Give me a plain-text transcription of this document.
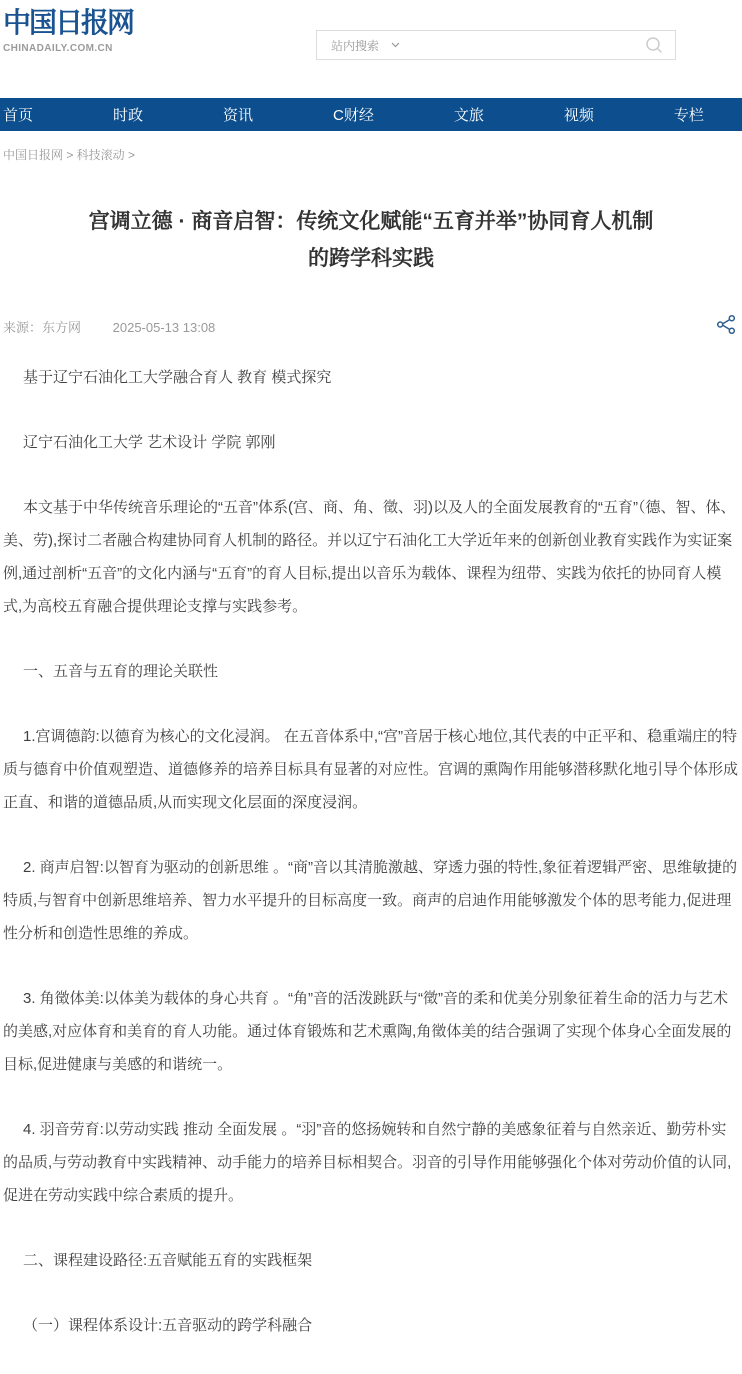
中国日报网
CHINADAILY.COM.CN	站内搜索
首页	时政	资讯	C财经	文旅	视频	专栏
中国日报网 > 科技滚动 >
宫调立德 · 商音启智：传统文化赋能“五育并举”协同育人机制
的跨学科实践
来源：东方网 2025-05-13 13:08

基于辽宁石油化工大学融合育人 教育 模式探究

辽宁石油化工大学 艺术设计 学院 郭刚

本文基于中华传统音乐理论的“五音”体系(宫、商、角、徵、羽)以及人的全面发展教育的“五育”（德、智、体、美、劳),探讨二者融合构建协同育人机制的路径。并以辽宁石油化工大学近年来的创新创业教育实践作为实证案例,通过剖析“五音”的文化内涵与“五育”的育人目标,提出以音乐为载体、课程为纽带、实践为依托的协同育人模式,为高校五育融合提供理论支撑与实践参考。

一、五音与五育的理论关联性

1.宫调德韵:以德育为核心的文化浸润。 在五音体系中,“宫”音居于核心地位,其代表的中正平和、稳重端庄的特质与德育中价值观塑造、道德修养的培养目标具有显著的对应性。宫调的熏陶作用能够潜移默化地引导个体形成正直、和谐的道德品质,从而实现文化层面的深度浸润。

2. 商声启智:以智育为驱动的创新思维 。“商”音以其清脆激越、穿透力强的特性,象征着逻辑严密、思维敏捷的特质,与智育中创新思维培养、智力水平提升的目标高度一致。商声的启迪作用能够激发个体的思考能力,促进理性分析和创造性思维的养成。

3. 角徵体美:以体美为载体的身心共育 。“角”音的活泼跳跃与“徵”音的柔和优美分别象征着生命的活力与艺术的美感,对应体育和美育的育人功能。通过体育锻炼和艺术熏陶,角徵体美的结合强调了实现个体身心全面发展的目标,促进健康与美感的和谐统一。

4. 羽音劳育:以劳动实践 推动 全面发展 。“羽”音的悠扬婉转和自然宁静的美感象征着与自然亲近、勤劳朴实的品质,与劳动教育中实践精神、动手能力的培养目标相契合。羽音的引导作用能够强化个体对劳动价值的认同,促进在劳动实践中综合素质的提升。

二、课程建设路径:五音赋能五育的实践框架

（一）课程体系设计:五音驱动的跨学科融合
